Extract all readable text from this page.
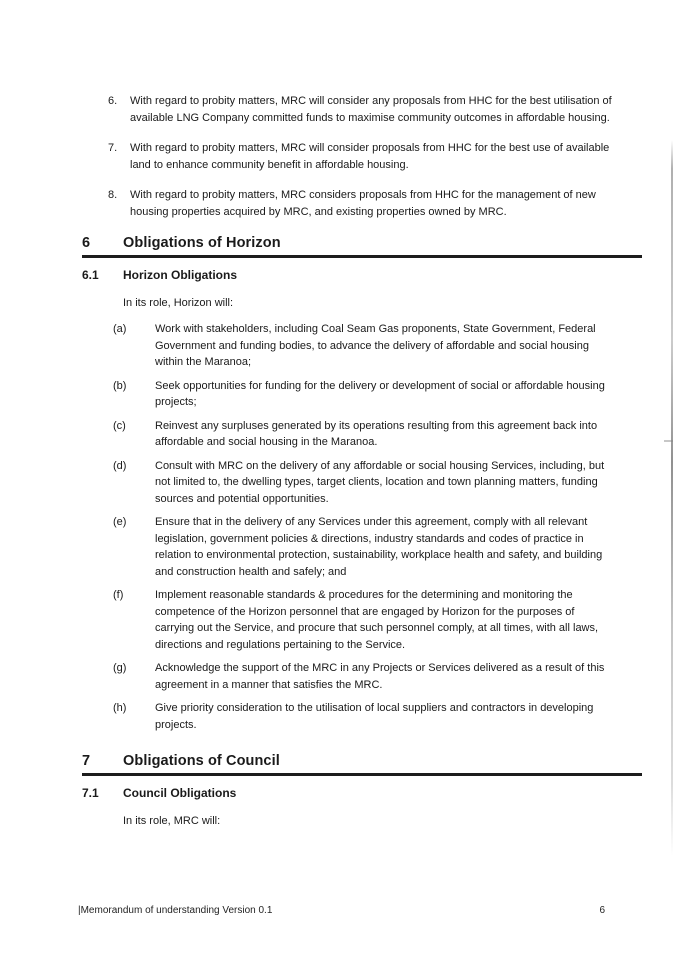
6.	With regard to probity matters, MRC will consider any proposals from HHC for the best utilisation of available LNG Company committed funds to maximise community outcomes in affordable housing.
7.	With regard to probity matters, MRC will consider proposals from HHC for the best use of available land to enhance community benefit in affordable housing.
8.	With regard to probity matters, MRC considers proposals from HHC for the management of new housing properties acquired by MRC, and existing properties owned by MRC.
6	Obligations of Horizon
6.1	Horizon Obligations
In its role, Horizon will:
(a)	Work with stakeholders, including Coal Seam Gas proponents, State Government, Federal Government and funding bodies, to advance the delivery of affordable and social housing within the Maranoa;
(b)	Seek opportunities for funding for the delivery or development of social or affordable housing projects;
(c)	Reinvest any surpluses generated by its operations resulting from this agreement back into affordable and social housing in the Maranoa.
(d)	Consult with MRC on the delivery of any affordable or social housing Services, including, but not limited to, the dwelling types, target clients, location and town planning matters, funding sources and potential opportunities.
(e)	Ensure that in the delivery of any Services under this agreement, comply with all relevant legislation, government policies & directions, industry standards and codes of practice in relation to environmental protection, sustainability, workplace health and safety, and building and construction health and safely; and
(f)	Implement reasonable standards & procedures for the determining and monitoring the competence of the Horizon personnel that are engaged by Horizon for the purposes of carrying out the Service, and procure that such personnel comply, at all times, with all laws, directions and regulations pertaining to the Service.
(g)	Acknowledge the support of the MRC in any Projects or Services delivered as a result of this agreement in a manner that satisfies the MRC.
(h)	Give priority consideration to the utilisation of local suppliers and contractors in developing projects.
7	Obligations of Council
7.1	Council Obligations
In its role, MRC will:
|Memorandum of understanding Version 0.1	6
